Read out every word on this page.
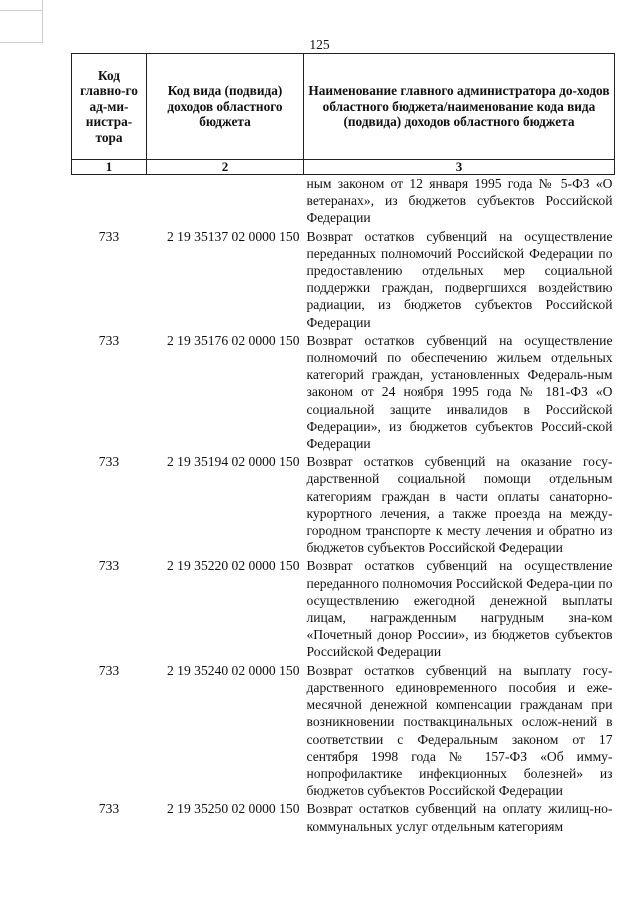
125
Код главно-го ад-ми-нистра-тора	Код вида (подвида) доходов областного бюджета	Наименование главного администратора до-ходов областного бюджета/наименование кода вида (подвида) доходов областного бюджета
1	2	3
		ным законом от 12 января 1995 года № 5-ФЗ «О ветеранах», из бюджетов субъектов Российской Федерации
733	2 19 35137 02 0000 150	Возврат остатков субвенций на осуществление переданных полномочий Российской Федерации по предоставлению отдельных мер социальной поддержки граждан, подвергшихся воздействию радиации, из бюджетов субъектов Российской Федерации
733	2 19 35176 02 0000 150	Возврат остатков субвенций на осуществление полномочий по обеспечению жильем отдельных категорий граждан, установленных Федераль-ным законом от 24 ноября 1995 года № 181-ФЗ «О социальной защите инвалидов в Российской Федерации», из бюджетов субъектов Россий-ской Федерации
733	2 19 35194 02 0000 150	Возврат остатков субвенций на оказание госу-дарственной социальной помощи отдельным категориям граждан в части оплаты санаторно-курортного лечения, а также проезда на между-городном транспорте к месту лечения и обратно из бюджетов субъектов Российской Федерации
733	2 19 35220 02 0000 150	Возврат остатков субвенций на осуществление переданного полномочия Российской Федера-ции по осуществлению ежегодной денежной выплаты лицам, награжденным нагрудным зна-ком «Почетный донор России», из бюджетов субъектов Российской Федерации
733	2 19 35240 02 0000 150	Возврат остатков субвенций на выплату госу-дарственного единовременного пособия и еже-месячной денежной компенсации гражданам при возникновении поствакцинальных ослож-нений в соответствии с Федеральным законом от 17 сентября 1998 года № 157-ФЗ «Об имму-нопрофилактике инфекционных болезней» из бюджетов субъектов Российской Федерации
733	2 19 35250 02 0000 150	Возврат остатков субвенций на оплату жилищ-но-коммунальных услуг отдельным категориям
